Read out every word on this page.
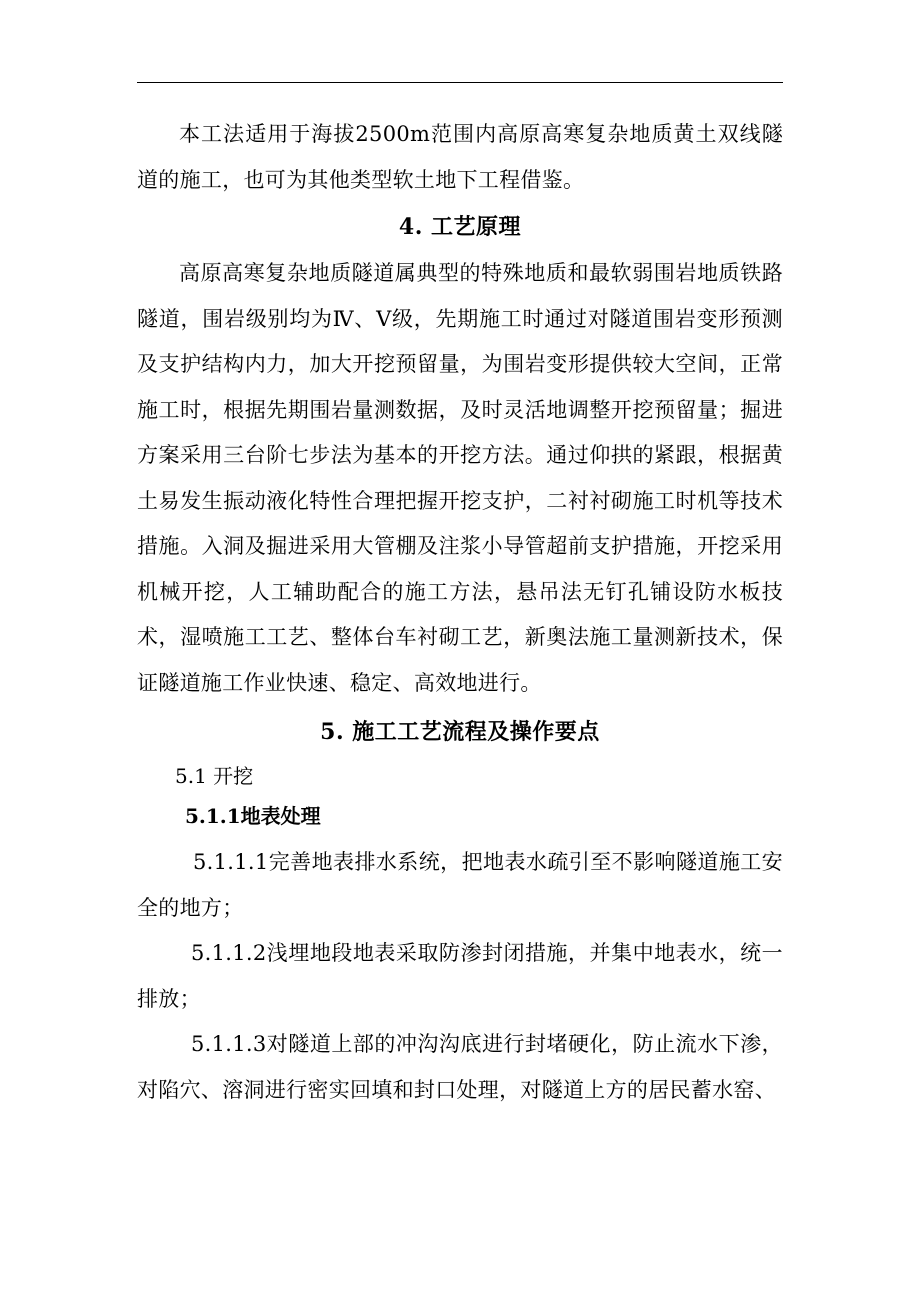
本工法适用于海拔2500m范围内高原高寒复杂地质黄土双线隧道的施工，也可为其他类型软土地下工程借鉴。

4. 工艺原理

高原高寒复杂地质隧道属典型的特殊地质和最软弱围岩地质铁路隧道，围岩级别均为Ⅳ、Ⅴ级，先期施工时通过对隧道围岩变形预测及支护结构内力，加大开挖预留量，为围岩变形提供较大空间，正常施工时，根据先期围岩量测数据，及时灵活地调整开挖预留量；掘进方案采用三台阶七步法为基本的开挖方法。通过仰拱的紧跟，根据黄土易发生振动液化特性合理把握开挖支护，二衬衬砌施工时机等技术措施。入洞及掘进采用大管棚及注浆小导管超前支护措施，开挖采用机械开挖，人工辅助配合的施工方法，悬吊法无钉孔铺设防水板技术，湿喷施工工艺、整体台车衬砌工艺，新奥法施工量测新技术，保证隧道施工作业快速、稳定、高效地进行。

5. 施工工艺流程及操作要点

5.1 开挖

5.1.1地表处理

5.1.1.1完善地表排水系统，把地表水疏引至不影响隧道施工安全的地方；

5.1.1.2浅埋地段地表采取防渗封闭措施，并集中地表水，统一排放；

5.1.1.3对隧道上部的冲沟沟底进行封堵硬化，防止流水下渗，对陷穴、溶洞进行密实回填和封口处理，对隧道上方的居民蓄水窑、
